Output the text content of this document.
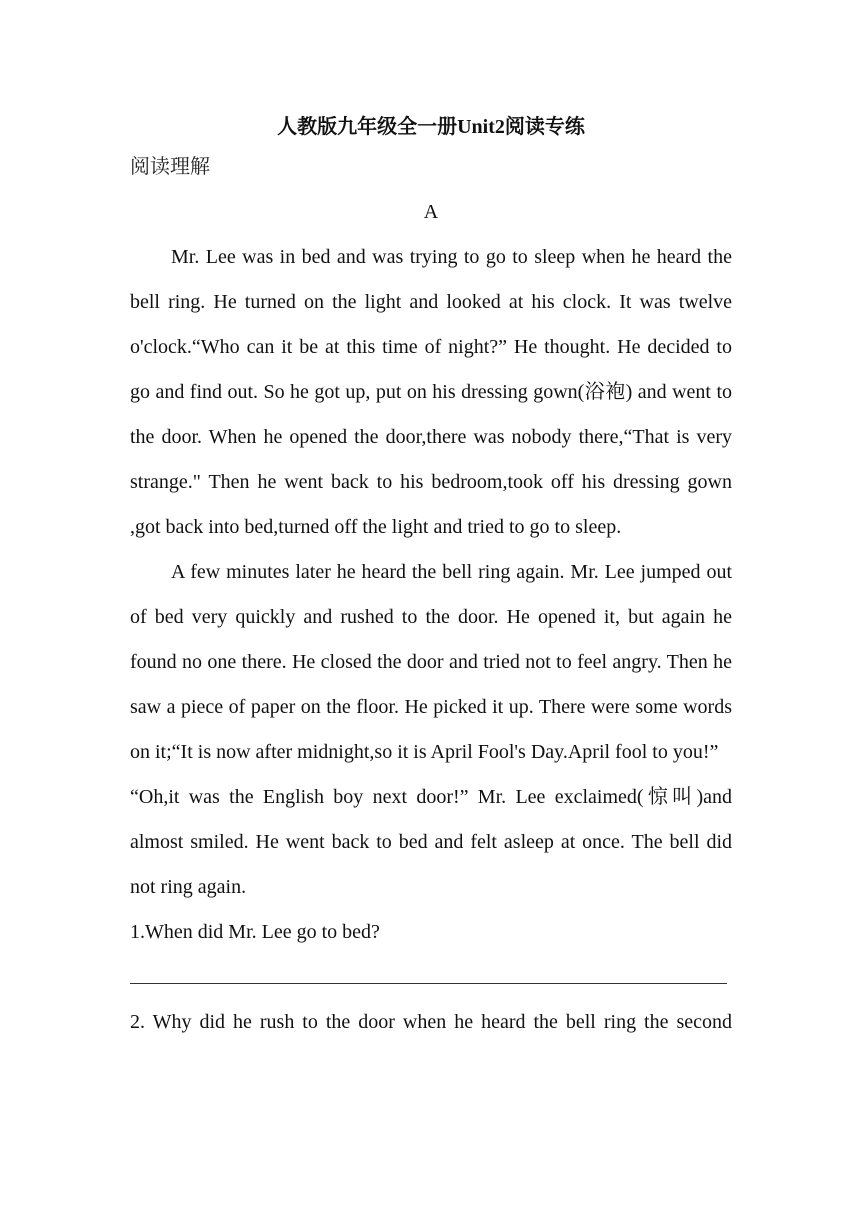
人教版九年级全一册Unit2阅读专练

阅读理解

A

Mr. Lee was in bed and was trying to go to sleep when he heard the bell ring. He turned on the light and looked at his clock. It was twelve o'clock.“Who can it be at this time of night?” He thought. He decided to go and find out. So he got up, put on his dressing gown(浴袍) and went to the door. When he opened the door,there was nobody there,“That is very strange." Then he went back to his bedroom,took off his dressing gown ,got back into bed,turned off the light and tried to go to sleep.

A few minutes later he heard the bell ring again. Mr. Lee jumped out of bed very quickly and rushed to the door. He opened it, but again he found no one there. He closed the door and tried not to feel angry. Then he saw a piece of paper on the floor. He picked it up. There were some words on it;“It is now after midnight,so it is April Fool's Day.April fool to you!”

“Oh,it was the English boy next door!” Mr. Lee exclaimed(惊叫)and almost smiled. He went back to bed and felt asleep at once. The bell did not ring again.

1.When did Mr. Lee go to bed?

2. Why did he rush to the door when he heard the bell ring the second
